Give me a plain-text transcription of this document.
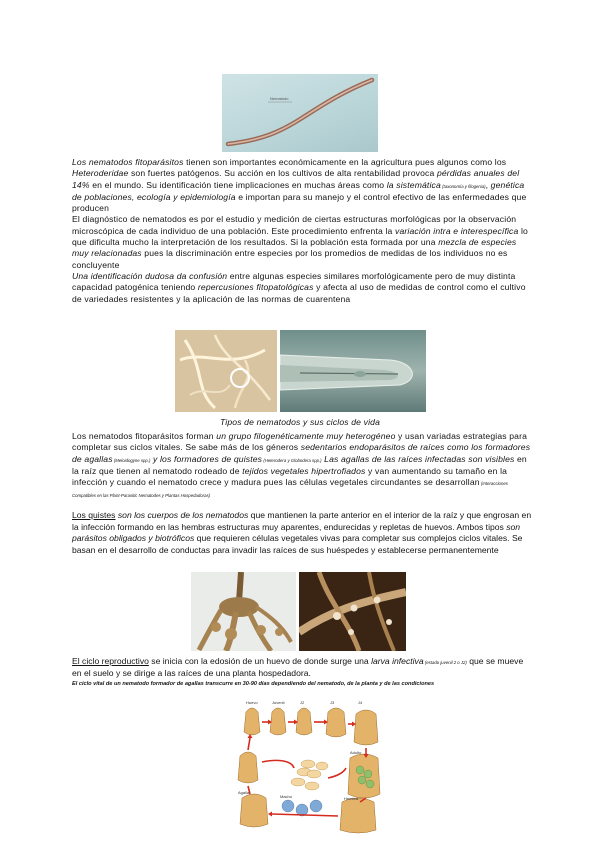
Nematodo

Los nematodos fitoparásitos tienen son importantes económicamente en la agricultura pues algunos como los Heteroderidae son fuertes patógenos. Su acción en los cultivos de alta rentabilidad provoca pérdidas anuales del 14% en el mundo. Su identificación tiene implicaciones en muchas áreas como la sistemática (taxonomía y filogenia), genética de poblaciones, ecología y epidemiología e importan para su manejo y el control efectivo de las enfermedades que producen

El diagnóstico de nematodos es por el estudio y medición de ciertas estructuras morfológicas por la observación microscópica de cada individuo de una población. Este procedimiento enfrenta la variación intra e interespecífica lo que dificulta mucho la interpretación de los resultados. Si la población esta formada por una mezcla de especies muy relacionadas pues la discriminación entre especies por los promedios de medidas de los individuos no es concluyente

Una identificación dudosa da confusión entre algunas especies similares morfológicamente pero de muy distinta capacidad patogénica teniendo repercusiones fitopatológicas y afecta al uso de medidas de control como el cultivo de variedades resistentes y la aplicación de las normas de cuarentena

Tipos de nematodos y sus ciclos de vida

Los nematodos fitoparásitos forman un grupo filogenéticamente muy heterogéneo y usan variadas estrategias para completar sus ciclos vitales. Se sabe más de los géneros sedentarios endoparásitos de raíces como los formadores de agallas (Meloidogyne spp.) y los formadores de quistes (Heterodera y Globodera spp.) Las agallas de las raíces infectadas son visibles en la raíz que tienen al nematodo rodeado de tejidos vegetales hipertrofiados y van aumentando su tamaño en la infección y cuando el nematodo crece y madura pues las células vegetales circundantes se desarrollan (Interacciones Compatibles en las Plant-Parasitic Nematodes y Plantas Hospedadoras)

Los quistes son los cuerpos de los nematodos que mantienen la parte anterior en el interior de la raíz y que engrosan en la infección formando en las hembras estructuras muy aparentes, endurecidas y repletas de huevos. Ambos tipos son parásitos obligados y biotróficos que requieren células vegetales vivas para completar sus complejos ciclos vitales. Se basan en el desarrollo de conductas para invadir las raíces de sus huéspedes y establecerse permanentemente

El ciclo reproductivo se inicia con la edosión de un huevo de donde surge una larva infectiva (estado juvenil 2 o J2) que se mueve en el suelo y se dirige a las raíces de una planta hospedadora.

El ciclo vital de un nematodo formador de agallas transcurre en 30-90 días dependiendo del nematodo, de la planta y de las condiciones

Huevo	Juvenil	J2	J3	J4
Adulto
Hembra
Macho
Agalla
